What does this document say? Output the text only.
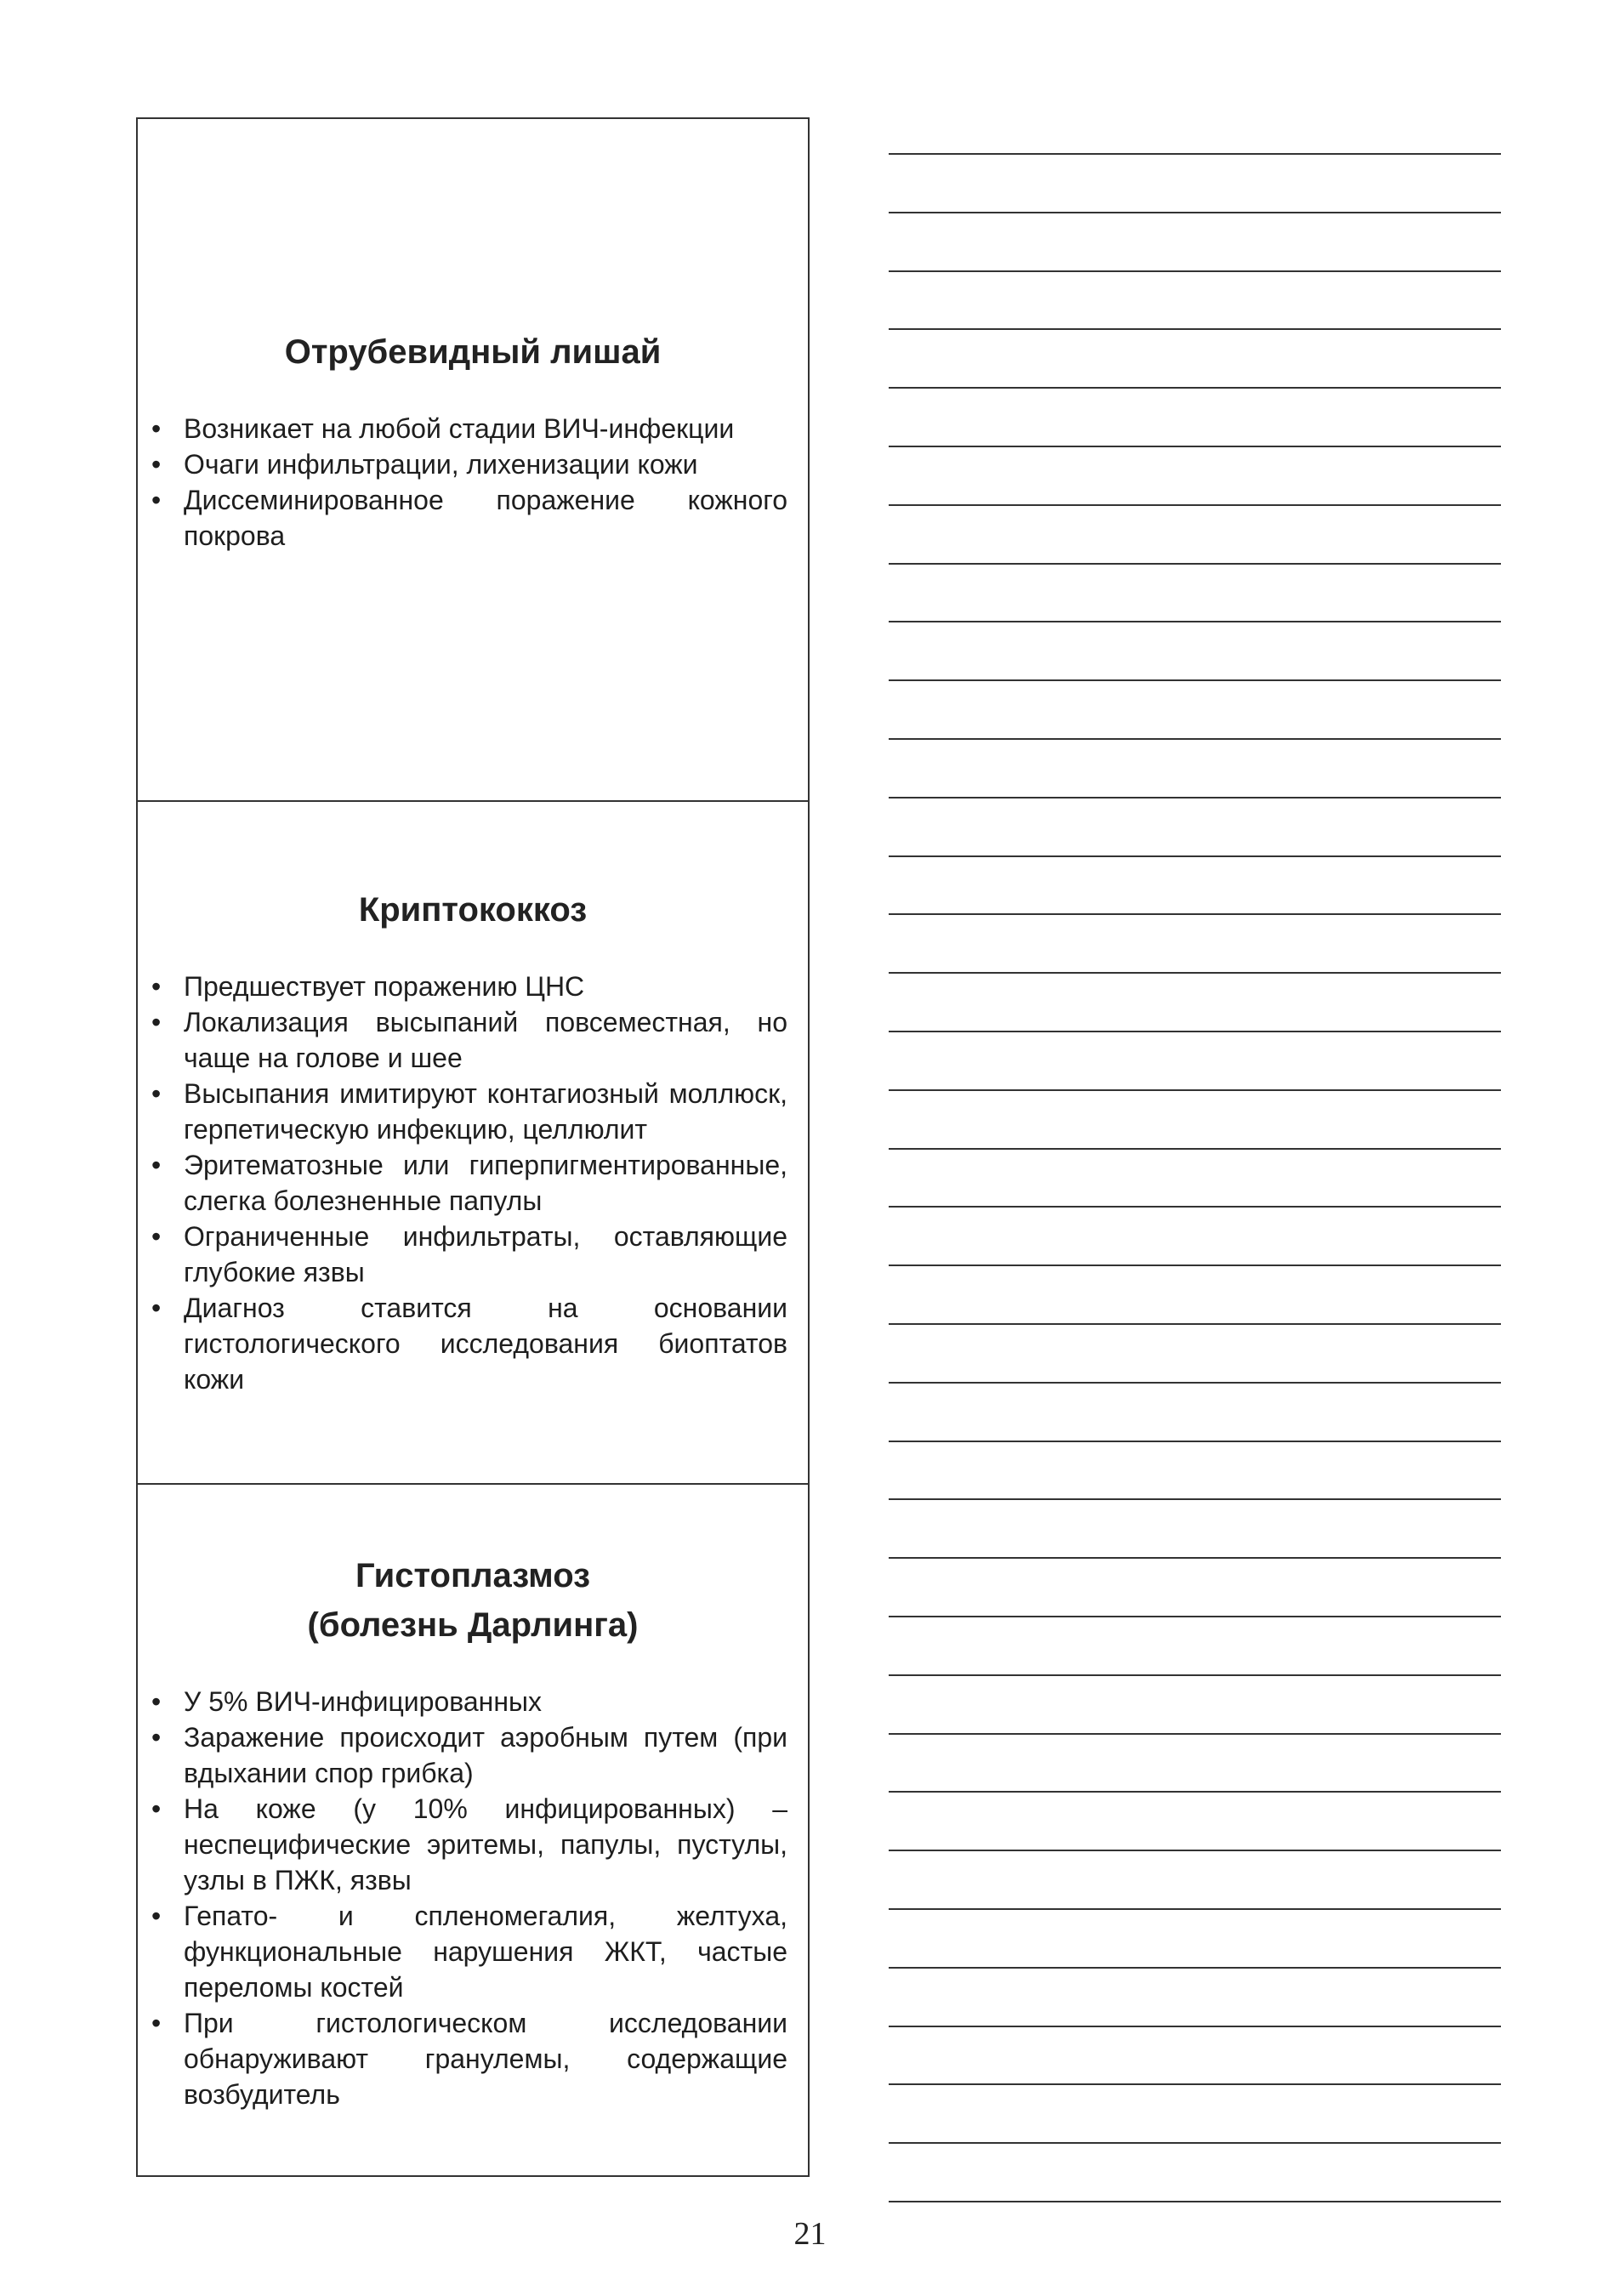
Отрубевидный лишай
• Возникает на любой стадии ВИЧ-инфекции
• Очаги инфильтрации, лихенизации кожи
• Диссеминированное поражение кожного покрова
Криптококкоз
• Предшествует поражению ЦНС
• Локализация высыпаний повсеместная, но чаще на голове и шее
• Высыпания имитируют контагиозный моллюск, герпетическую инфекцию, целлюлит
• Эритематозные или гиперпигментированные, слегка болезненные папулы
• Ограниченные инфильтраты, оставляющие глубокие язвы
• Диагноз ставится на основании гистологического исследования биоптатов кожи
Гистоплазмоз
(болезнь Дарлинга)
• У 5% ВИЧ-инфицированных
• Заражение происходит аэробным путем (при вдыхании спор грибка)
• На коже (у 10% инфицированных) – неспецифические эритемы, папулы, пустулы, узлы в ПЖК, язвы
• Гепато- и спленомегалия, желтуха, функциональные нарушения ЖКТ, частые переломы костей
• При гистологическом исследовании обнаруживают гранулемы, содержащие возбудитель
21
